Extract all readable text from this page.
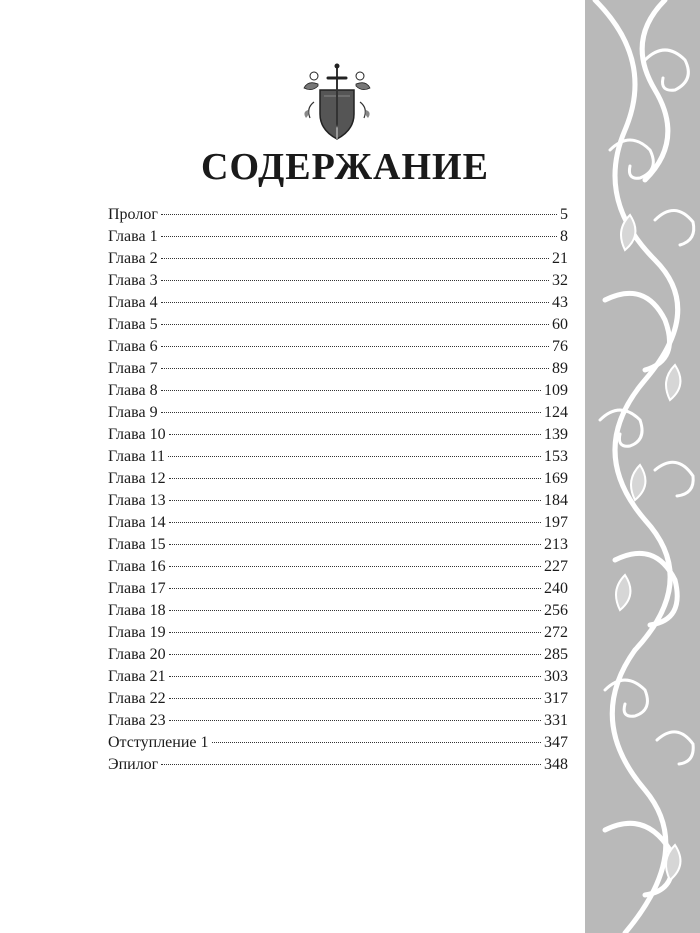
СОДЕРЖАНИЕ
Пролог	5
Глава 1	8
Глава 2	21
Глава 3	32
Глава 4	43
Глава 5	60
Глава 6	76
Глава 7	89
Глава 8	109
Глава 9	124
Глава 10	139
Глава 11	153
Глава 12	169
Глава 13	184
Глава 14	197
Глава 15	213
Глава 16	227
Глава 17	240
Глава 18	256
Глава 19	272
Глава 20	285
Глава 21	303
Глава 22	317
Глава 23	331
Отступление 1	347
Эпилог	348
